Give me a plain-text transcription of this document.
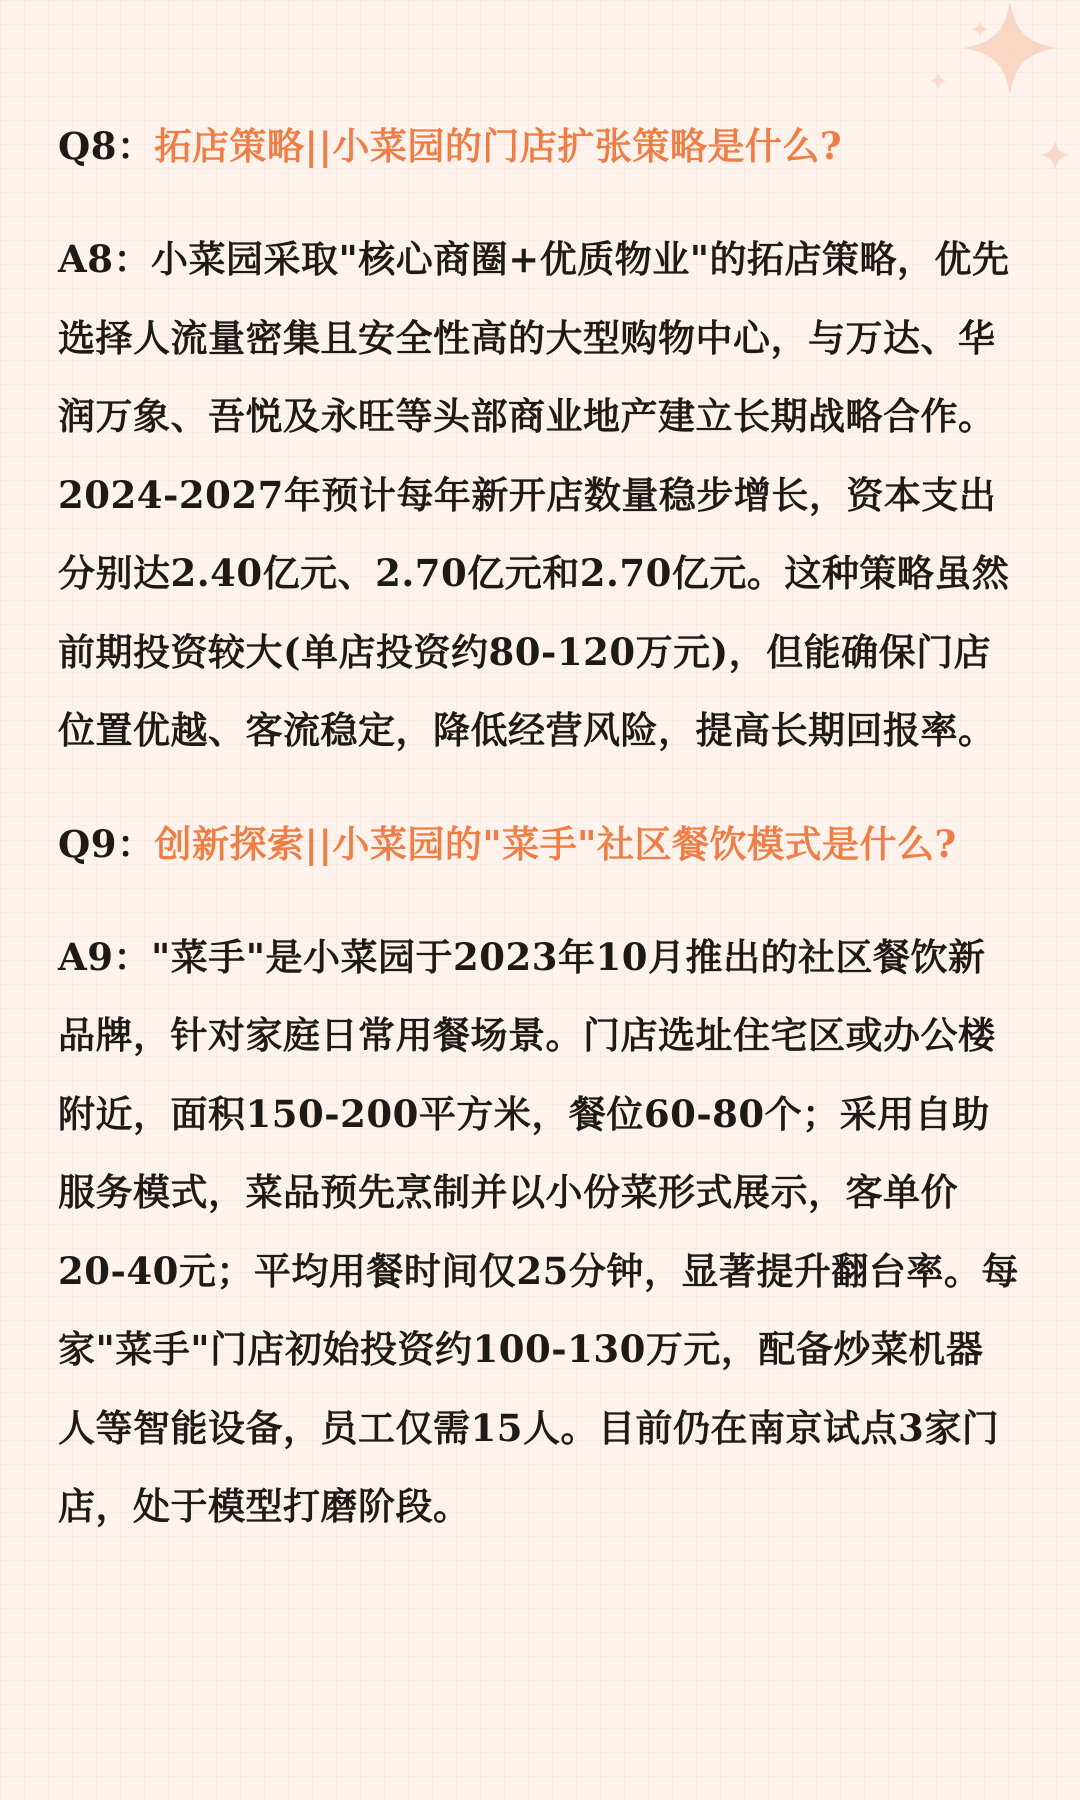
Q8：拓店策略||小菜园的门店扩张策略是什么?

A8：小菜园采取"核心商圈+优质物业"的拓店策略，优先选择人流量密集且安全性高的大型购物中心，与万达、华润万象、吾悦及永旺等头部商业地产建立长期战略合作。2024-2027年预计每年新开店数量稳步增长，资本支出分别达2.40亿元、2.70亿元和2.70亿元。这种策略虽然前期投资较大(单店投资约80-120万元)，但能确保门店位置优越、客流稳定，降低经营风险，提高长期回报率。

Q9：创新探索||小菜园的"菜手"社区餐饮模式是什么?

A9："菜手"是小菜园于2023年10月推出的社区餐饮新品牌，针对家庭日常用餐场景。门店选址住宅区或办公楼附近，面积150-200平方米，餐位60-80个；采用自助服务模式，菜品预先烹制并以小份菜形式展示，客单价20-40元；平均用餐时间仅25分钟，显著提升翻台率。每家"菜手"门店初始投资约100-130万元，配备炒菜机器人等智能设备，员工仅需15人。目前仍在南京试点3家门店，处于模型打磨阶段。
